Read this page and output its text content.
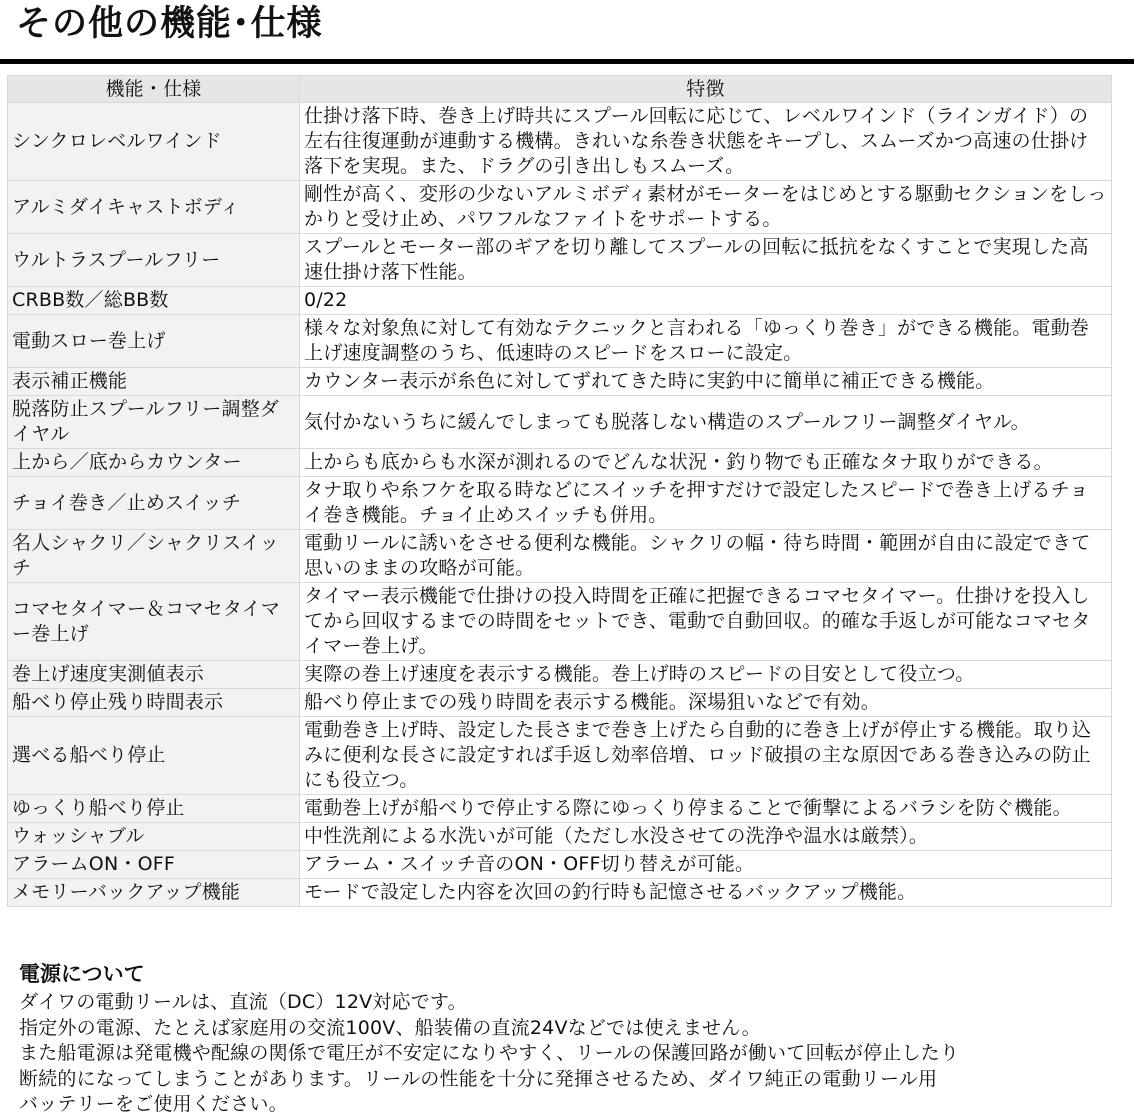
その他の機能･仕様
機能・仕様	特徴
シンクロレベルワインド	仕掛け落下時、巻き上げ時共にスプール回転に応じて、レベルワインド（ラインガイド）の左右往復運動が連動する機構。きれいな糸巻き状態をキープし、スムーズかつ高速の仕掛け落下を実現。また、ドラグの引き出しもスムーズ。
アルミダイキャストボディ	剛性が高く、変形の少ないアルミボディ素材がモーターをはじめとする駆動セクションをしっかりと受け止め、パワフルなファイトをサポートする。
ウルトラスプールフリー	スプールとモーター部のギアを切り離してスプールの回転に抵抗をなくすことで実現した高速仕掛け落下性能。
CRBB数／総BB数	0/22
電動スロー巻上げ	様々な対象魚に対して有効なテクニックと言われる「ゆっくり巻き」ができる機能。電動巻上げ速度調整のうち、低速時のスピードをスローに設定。
表示補正機能	カウンター表示が糸色に対してずれてきた時に実釣中に簡単に補正できる機能。
脱落防止スプールフリー調整ダイヤル	気付かないうちに緩んでしまっても脱落しない構造のスプールフリー調整ダイヤル。
上から／底からカウンター	上からも底からも水深が測れるのでどんな状況・釣り物でも正確なタナ取りができる。
チョイ巻き／止めスイッチ	タナ取りや糸フケを取る時などにスイッチを押すだけで設定したスピードで巻き上げるチョイ巻き機能。チョイ止めスイッチも併用。
名人シャクリ／シャクリスイッチ	電動リールに誘いをさせる便利な機能。シャクリの幅・待ち時間・範囲が自由に設定できて思いのままの攻略が可能。
コマセタイマー＆コマセタイマー巻上げ	タイマー表示機能で仕掛けの投入時間を正確に把握できるコマセタイマー。仕掛けを投入してから回収するまでの時間をセットでき、電動で自動回収。的確な手返しが可能なコマセタイマー巻上げ。
巻上げ速度実測値表示	実際の巻上げ速度を表示する機能。巻上げ時のスピードの目安として役立つ。
船べり停止残り時間表示	船べり停止までの残り時間を表示する機能。深場狙いなどで有効。
選べる船べり停止	電動巻き上げ時、設定した長さまで巻き上げたら自動的に巻き上げが停止する機能。取り込みに便利な長さに設定すれば手返し効率倍増、ロッド破損の主な原因である巻き込みの防止にも役立つ。
ゆっくり船べり停止	電動巻上げが船べりで停止する際にゆっくり停まることで衝撃によるバラシを防ぐ機能。
ウォッシャブル	中性洗剤による水洗いが可能（ただし水没させての洗浄や温水は厳禁）。
アラームON・OFF	アラーム・スイッチ音のON・OFF切り替えが可能。
メモリーバックアップ機能	モードで設定した内容を次回の釣行時も記憶させるバックアップ機能。
電源について

ダイワの電動リールは、直流（DC）12V対応です。

指定外の電源、たとえば家庭用の交流100V、船装備の直流24Vなどでは使えません。

また船電源は発電機や配線の関係で電圧が不安定になりやすく、リールの保護回路が働いて回転が停止したり

断続的になってしまうことがあります。リールの性能を十分に発揮させるため、ダイワ純正の電動リール用

バッテリーをご使用ください。
